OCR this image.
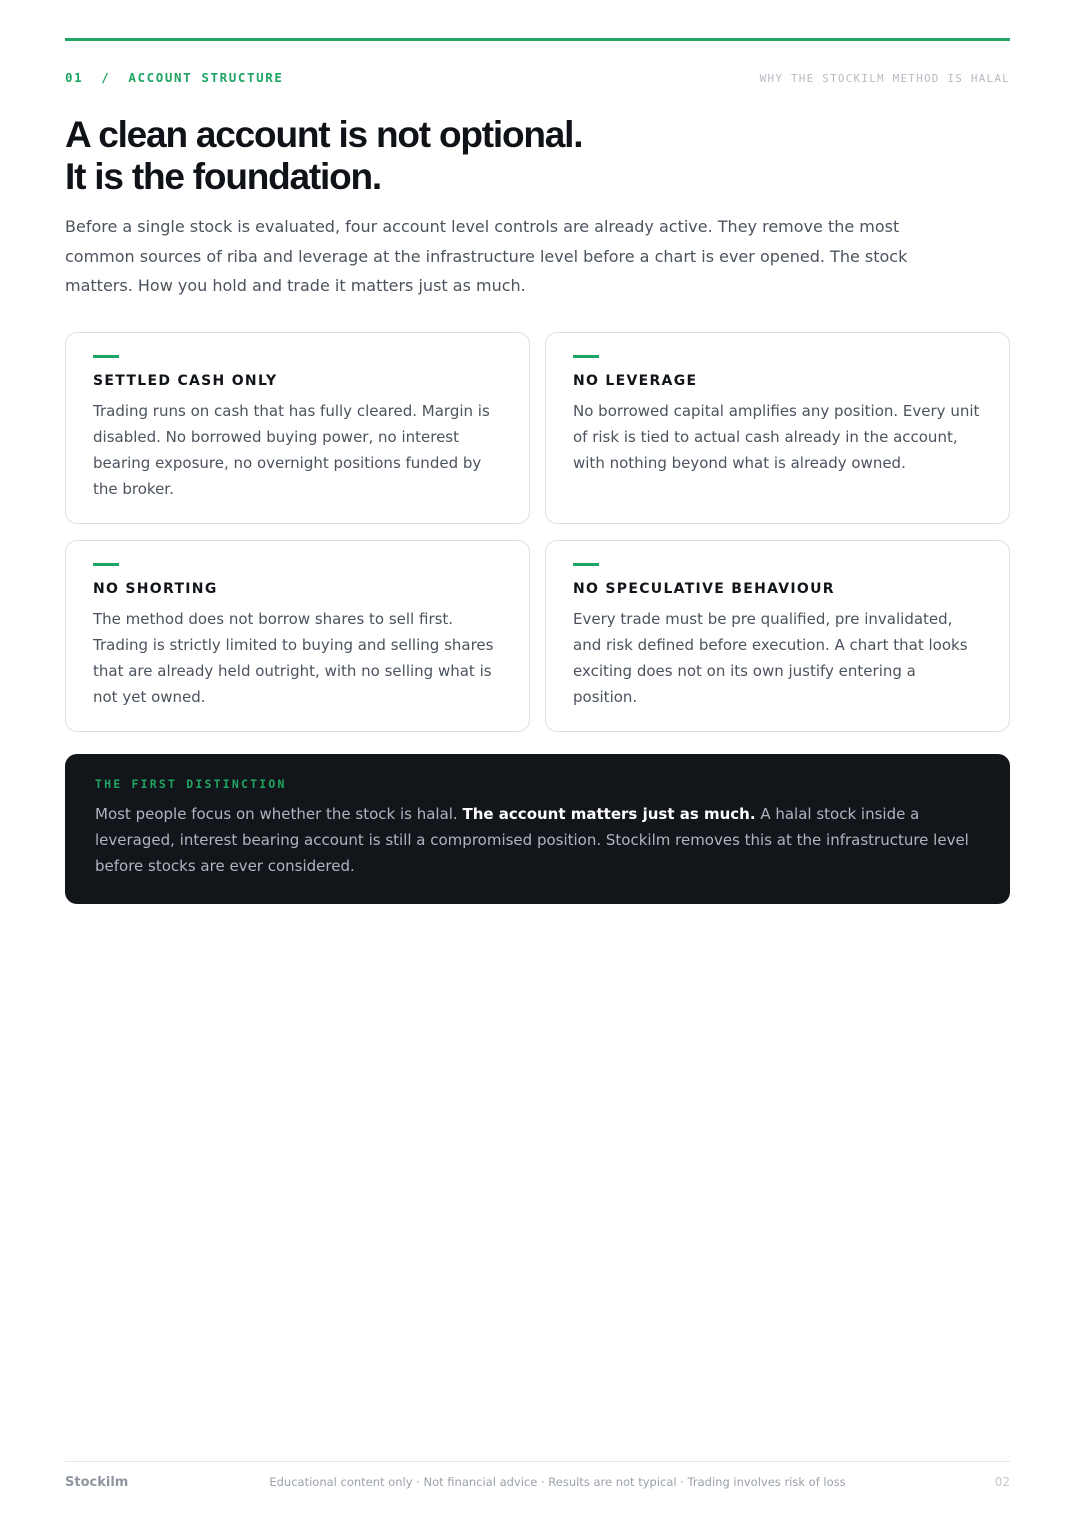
01 / ACCOUNT STRUCTURE	WHY THE STOCKILM METHOD IS HALAL
A clean account is not optional.
It is the foundation.

Before a single stock is evaluated, four account level controls are already active. They remove the most common sources of riba and leverage at the infrastructure level before a chart is ever opened. The stock matters. How you hold and trade it matters just as much.

SETTLED CASH ONLY
Trading runs on cash that has fully cleared. Margin is disabled. No borrowed buying power, no interest bearing exposure, no overnight positions funded by the broker.
NO LEVERAGE
No borrowed capital amplifies any position. Every unit of risk is tied to actual cash already in the account, with nothing beyond what is already owned.
NO SHORTING
The method does not borrow shares to sell first. Trading is strictly limited to buying and selling shares that are already held outright, with no selling what is not yet owned.
NO SPECULATIVE BEHAVIOUR
Every trade must be pre qualified, pre invalidated, and risk defined before execution. A chart that looks exciting does not on its own justify entering a position.
THE FIRST DISTINCTION

Most people focus on whether the stock is halal. The account matters just as much. A halal stock inside a leveraged, interest bearing account is still a compromised position. Stockilm removes this at the infrastructure level before stocks are ever considered.

Stockilm	Educational content only · Not financial advice · Results are not typical · Trading involves risk of loss	02
